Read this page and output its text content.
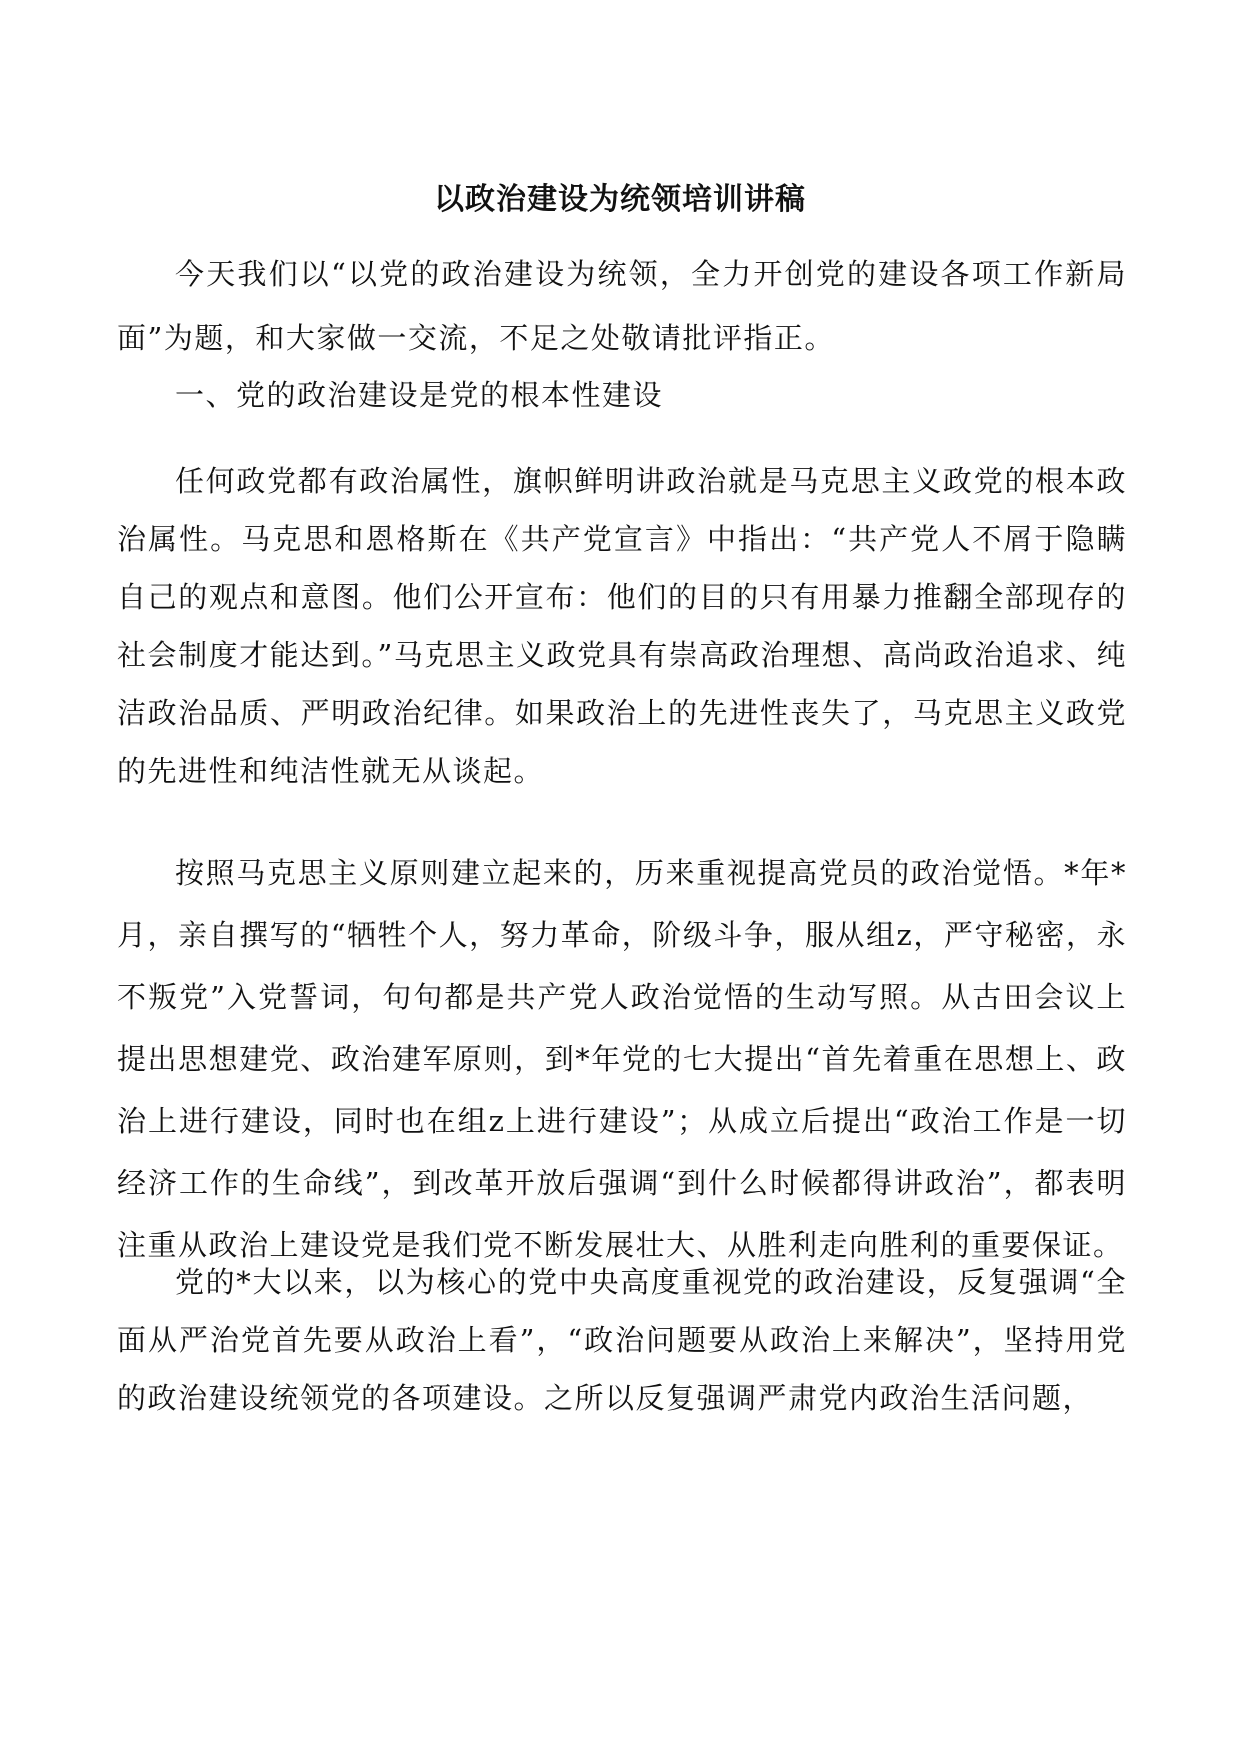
以政治建设为统领培训讲稿

今天我们以“以党的政治建设为统领，全力开创党的建设各项工作新局面”为题，和大家做一交流，不足之处敬请批评指正。

一、党的政治建设是党的根本性建设

任何政党都有政治属性，旗帜鲜明讲政治就是马克思主义政党的根本政治属性。马克思和恩格斯在《共产党宣言》中指出：“共产党人不屑于隐瞒自己的观点和意图。他们公开宣布：他们的目的只有用暴力推翻全部现存的社会制度才能达到。”马克思主义政党具有崇高政治理想、高尚政治追求、纯洁政治品质、严明政治纪律。如果政治上的先进性丧失了，马克思主义政党的先进性和纯洁性就无从谈起。

按照马克思主义原则建立起来的，历来重视提高党员的政治觉悟。*年*月，亲自撰写的“牺牲个人，努力革命，阶级斗争，服从组z，严守秘密，永不叛党”入党誓词，句句都是共产党人政治觉悟的生动写照。从古田会议上提出思想建党、政治建军原则，到*年党的七大提出“首先着重在思想上、政治上进行建设，同时也在组z上进行建设”；从成立后提出“政治工作是一切经济工作的生命线”，到改革开放后强调“到什么时候都得讲政治”，都表明注重从政治上建设党是我们党不断发展壮大、从胜利走向胜利的重要保证。

党的*大以来，以为核心的党中央高度重视党的政治建设，反复强调“全面从严治党首先要从政治上看”，“政治问题要从政治上来解决”，坚持用党的政治建设统领党的各项建设。之所以反复强调严肃党内政治生活问题，
